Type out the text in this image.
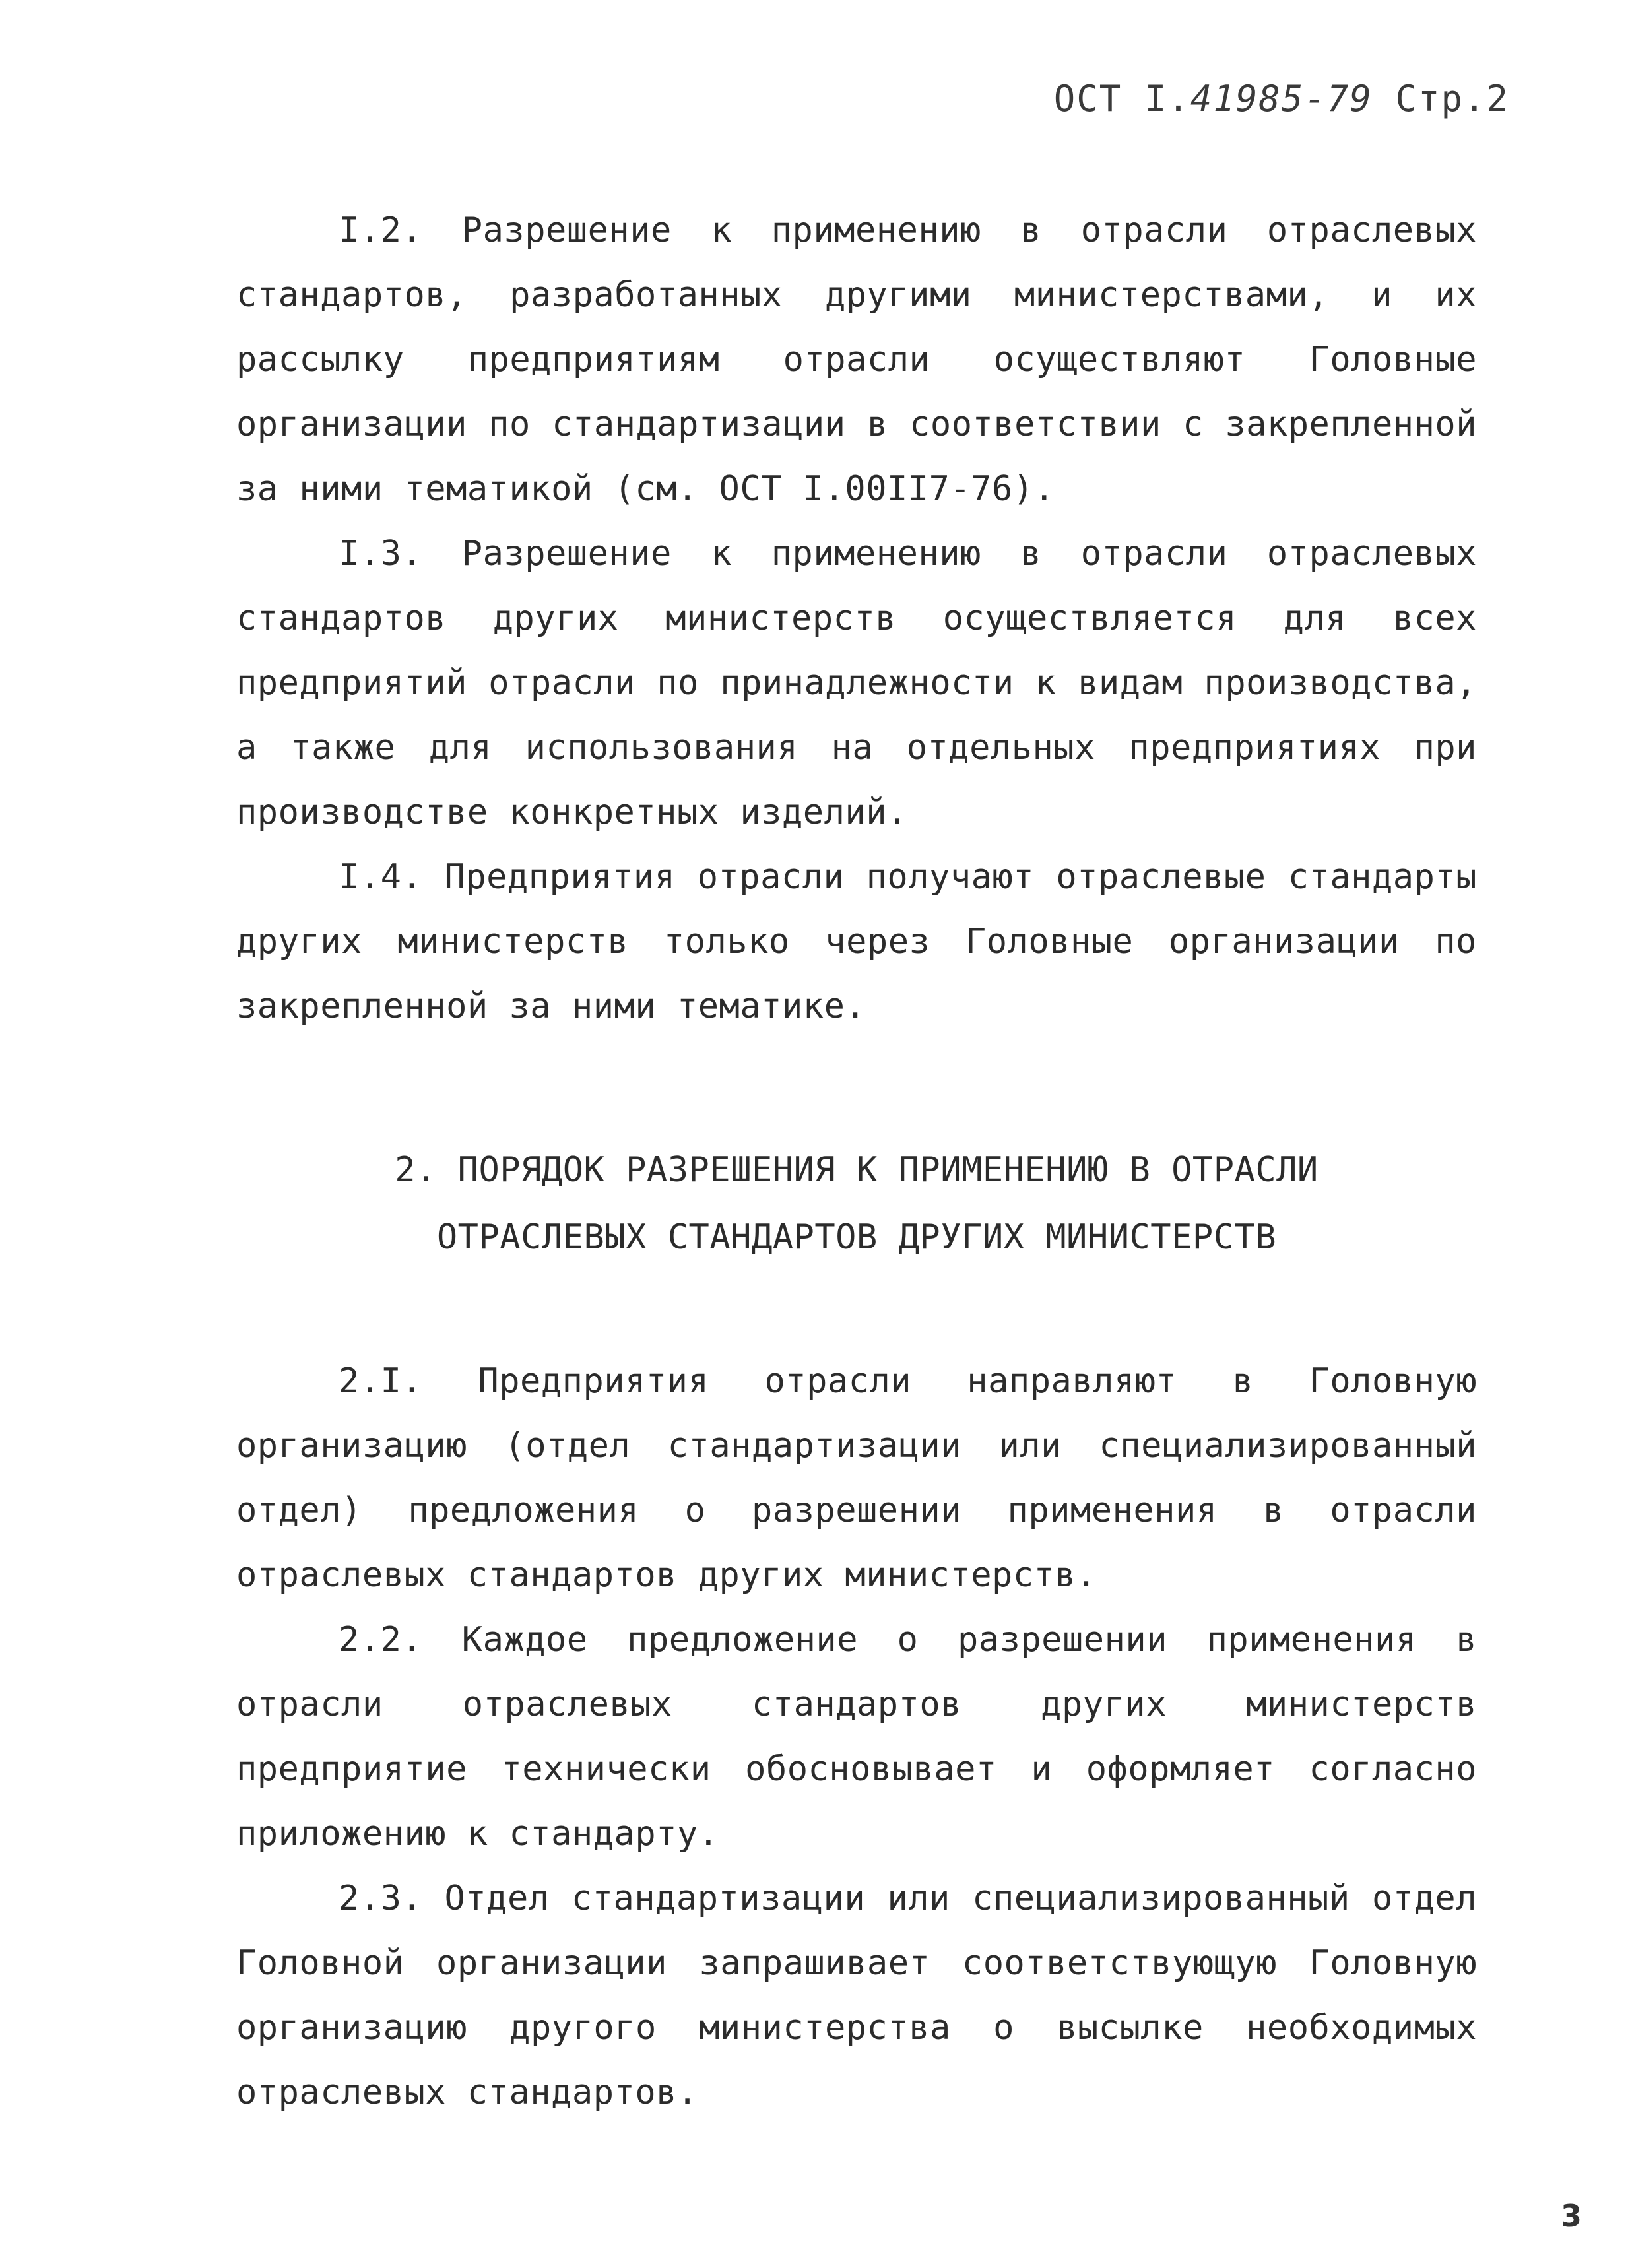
ОСТ I.41985-79 Стр.2

I.2. Разрешение к применению в отрасли отраслевых стандартов, разработанных другими министерствами, и их рассылку предприятиям отрасли осуществляют Головные организации по стандартизации в соответствии с закрепленной за ними тематикой (см. ОСТ I.00II7-76).

I.3. Разрешение к применению в отрасли отраслевых стандартов других министерств осуществляется для всех предприятий отрасли по принадлежности к видам производства, а также для использования на отдельных предприятиях при производстве конкретных изделий.

I.4. Предприятия отрасли получают отраслевые стандарты других министерств только через Головные организации по закрепленной за ними тематике.

2. ПОРЯДОК РАЗРЕШЕНИЯ К ПРИМЕНЕНИЮ В ОТРАСЛИ
ОТРАСЛЕВЫХ СТАНДАРТОВ ДРУГИХ МИНИСТЕРСТВ

2.I. Предприятия отрасли направляют в Головную организацию (отдел стандартизации или специализированный отдел) предложения о разрешении применения в отрасли отраслевых стандартов других министерств.

2.2. Каждое предложение о разрешении применения в отрасли отраслевых стандартов других министерств предприятие технически обосновывает и оформляет согласно приложению к стандарту.

2.3. Отдел стандартизации или специализированный отдел Головной организации запрашивает соответствующую Головную организацию другого министерства о высылке необходимых отраслевых стандартов.

3
